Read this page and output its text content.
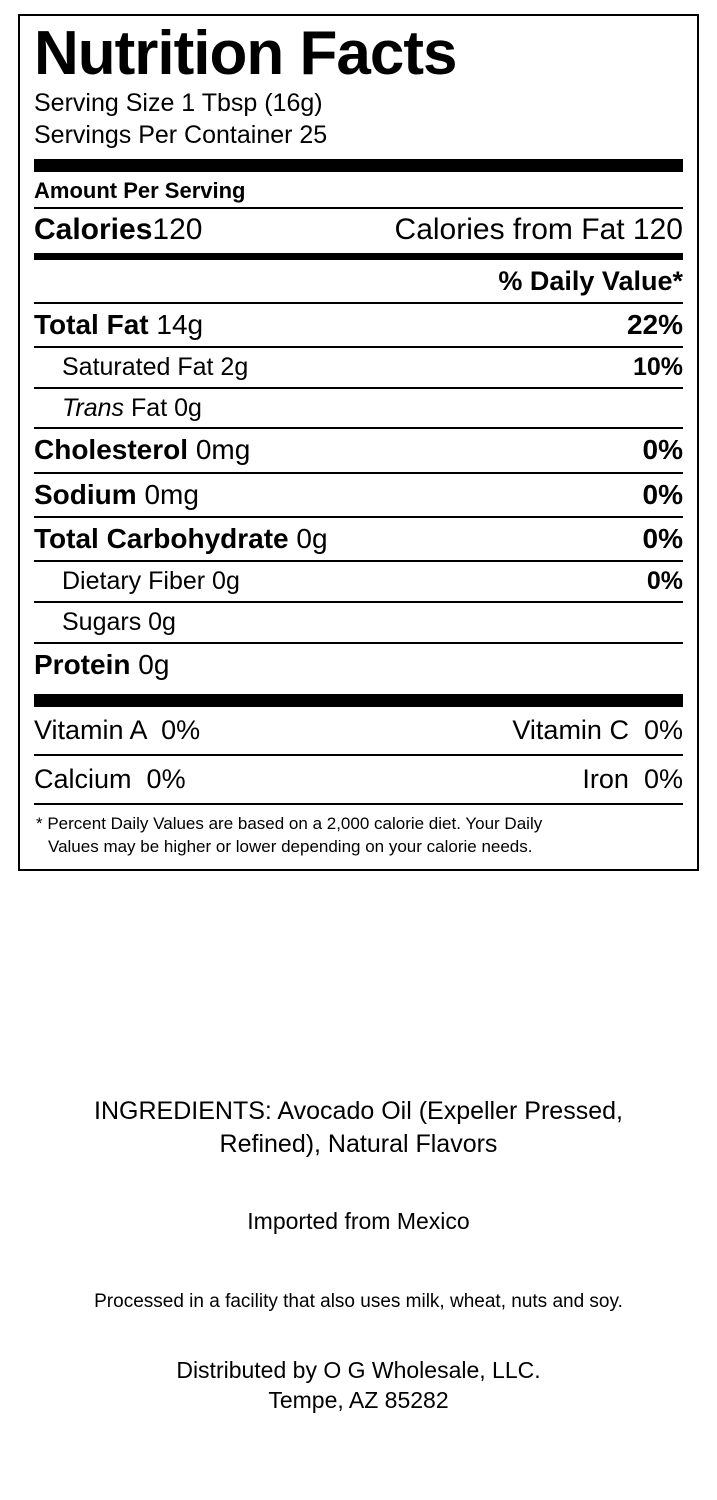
Nutrition Facts
Serving Size 1 Tbsp (16g)
Servings Per Container 25
Amount Per Serving
Calories120	Calories from Fat 120
% Daily Value*
Total Fat 14g	22%
Saturated Fat 2g	10%
Trans Fat 0g
Cholesterol 0mg	0%
Sodium 0mg	0%
Total Carbohydrate 0g	0%
Dietary Fiber 0g	0%
Sugars 0g
Protein 0g
Vitamin A 0%	Vitamin C 0%
Calcium 0%	Iron 0%
* Percent Daily Values are based on a 2,000 calorie diet. Your Daily
Values may be higher or lower depending on your calorie needs.
INGREDIENTS: Avocado Oil (Expeller Pressed,
Refined), Natural Flavors
Imported from Mexico
Processed in a facility that also uses milk, wheat, nuts and soy.
Distributed by O G Wholesale, LLC.
Tempe, AZ 85282
